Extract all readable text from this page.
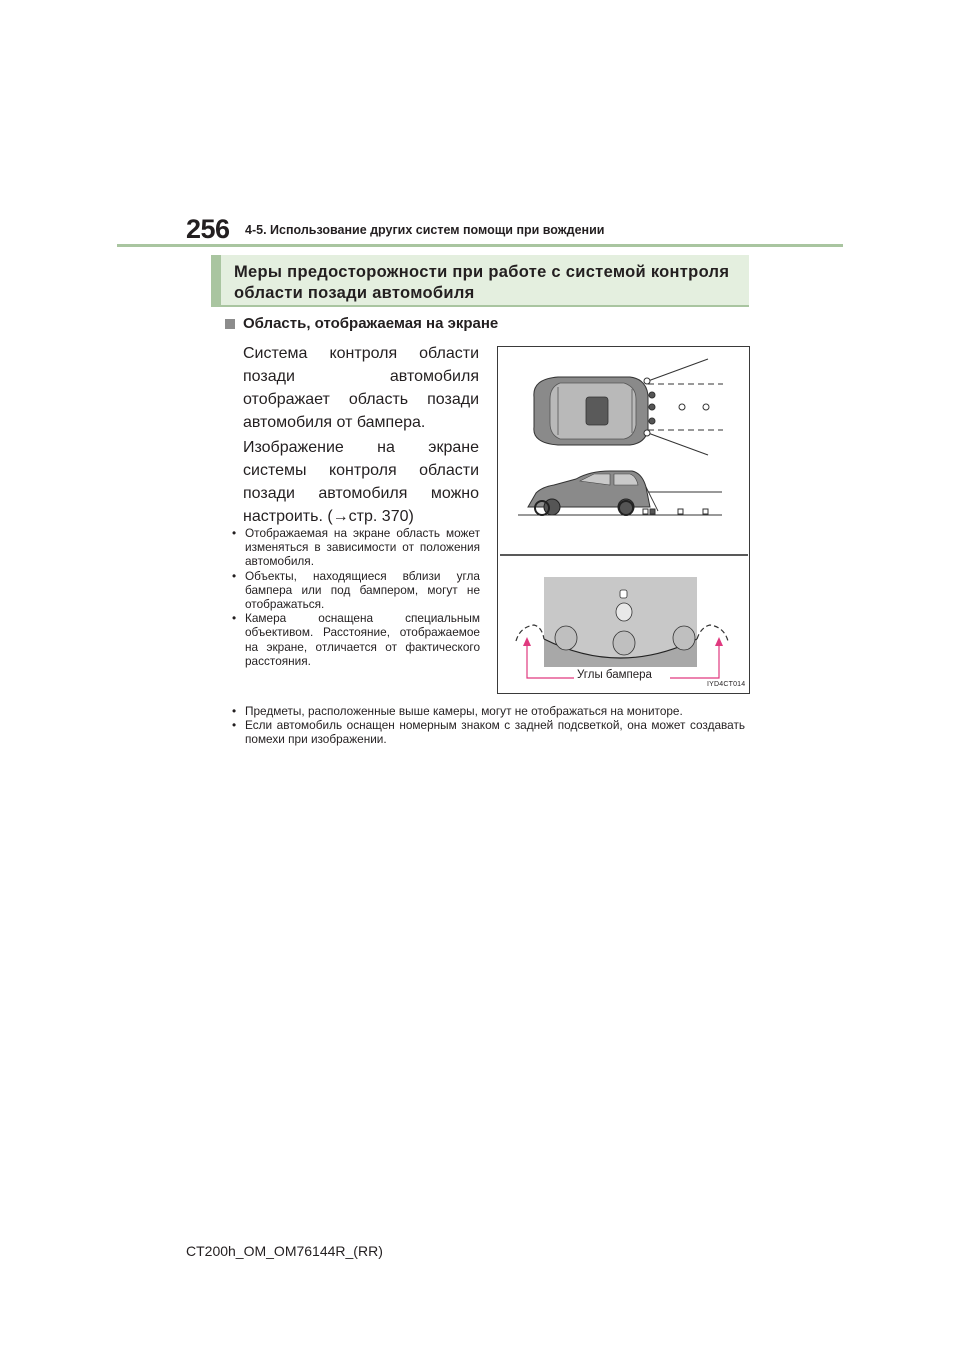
256 4-5. Использование других систем помощи при вождении
Меры предосторожности при работе с системой контроля области позади автомобиля
Область, отображаемая на экране
Система контроля области позади автомобиля отображает область позади автомобиля от бампера.
Изображение на экране системы контроля области позади автомобиля можно настроить. (→стр. 370)
• Отображаемая на экране область может изменяться в зависимости от положения автомобиля.
• Объекты, находящиеся вблизи угла бампера или под бампером, могут не отображаться.
• Камера оснащена специальным объективом. Расстояние, отображаемое на экране, отличается от фактического расстояния.
• Предметы, расположенные выше камеры, могут не отображаться на мониторе.
• Если автомобиль оснащен номерным знаком с задней подсветкой, она может создавать помехи при изображении.
Углы бампера
IYD4CT014
CT200h_OM_OM76144R_(RR)
